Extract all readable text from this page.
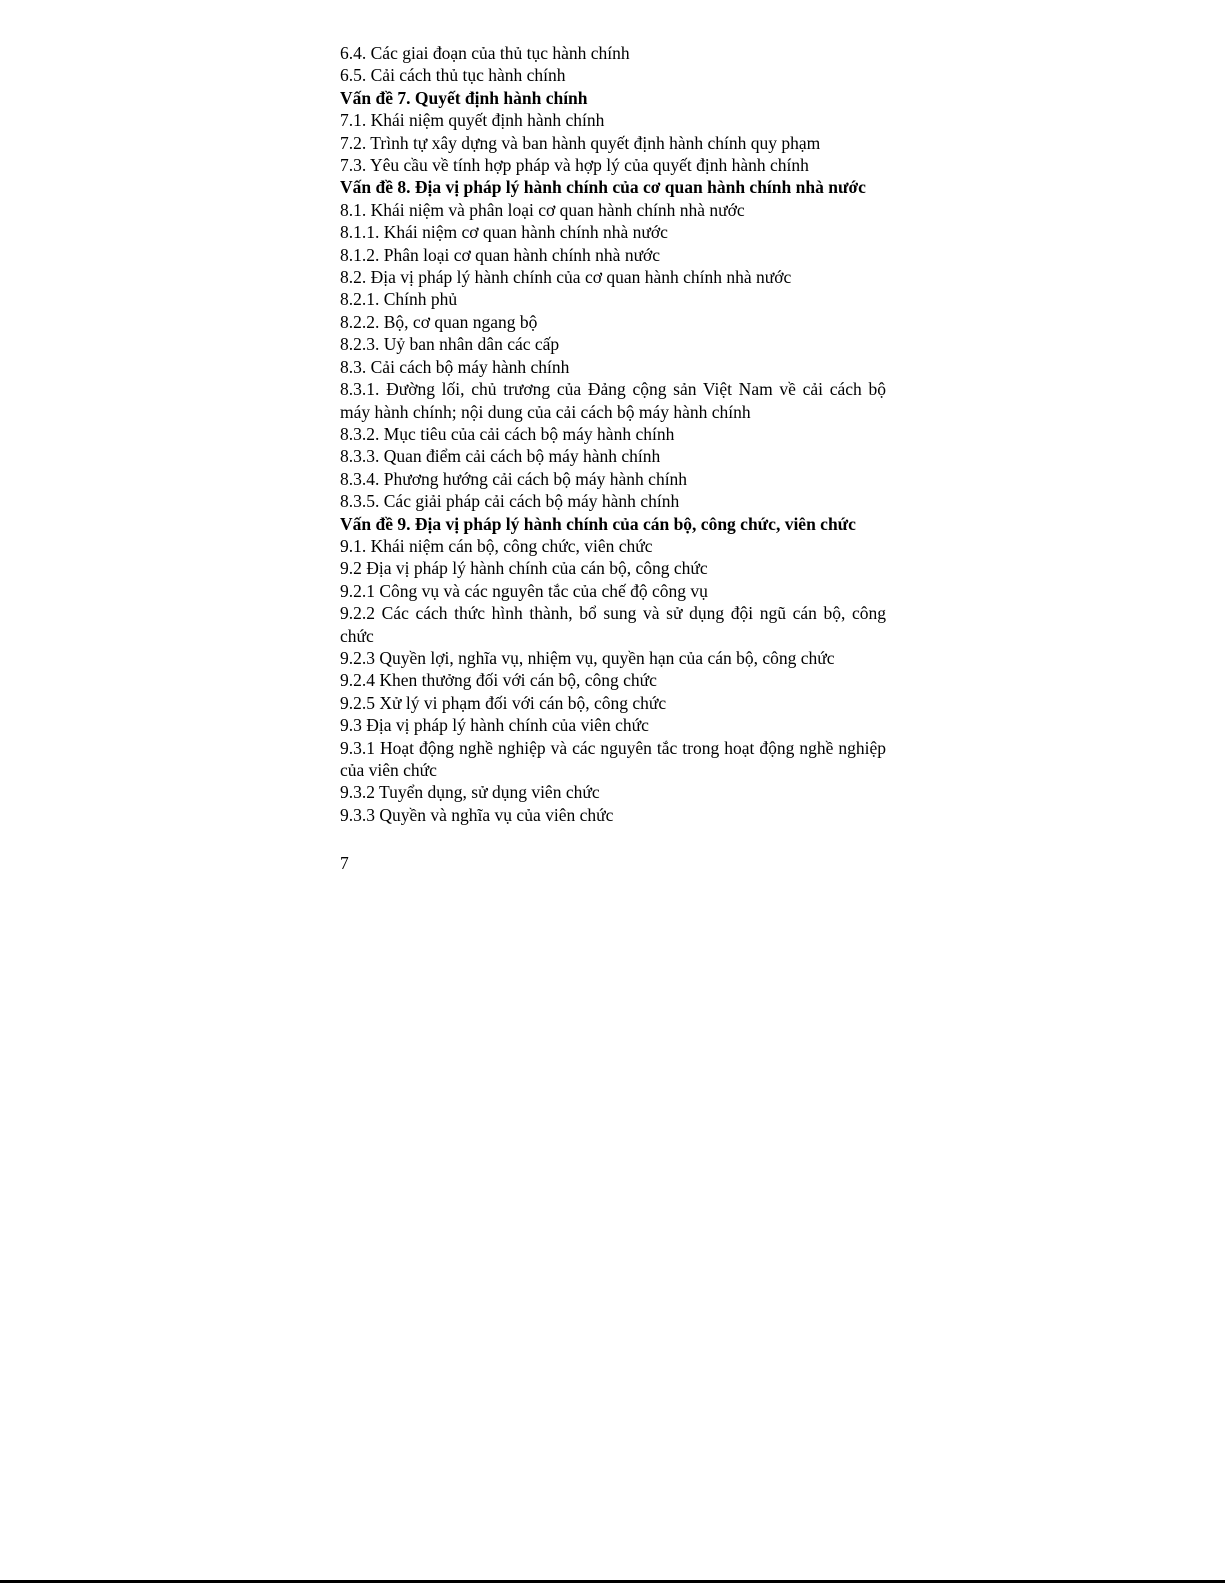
6.4. Các giai đoạn của thủ tục hành chính

6.5. Cải cách thủ tục hành chính

Vấn đề 7. Quyết định hành chính

7.1. Khái niệm quyết định hành chính

7.2. Trình tự xây dựng và ban hành quyết định hành chính quy phạm

7.3. Yêu cầu về tính hợp pháp và hợp lý của quyết định hành chính

Vấn đề 8. Địa vị pháp lý hành chính của cơ quan hành chính nhà nước

8.1. Khái niệm và phân loại cơ quan hành chính nhà nước

8.1.1. Khái niệm cơ quan hành chính nhà nước

8.1.2. Phân loại cơ quan hành chính nhà nước

8.2. Địa vị pháp lý hành chính của cơ quan hành chính nhà nước

8.2.1. Chính phủ

8.2.2. Bộ, cơ quan ngang bộ

8.2.3. Uỷ ban nhân dân các cấp

8.3. Cải cách bộ máy hành chính

8.3.1. Đường lối, chủ trương của Đảng cộng sản Việt Nam về cải cách bộ máy hành chính; nội dung của cải cách bộ máy hành chính

8.3.2. Mục tiêu của cải cách bộ máy hành chính

8.3.3. Quan điểm cải cách bộ máy hành chính

8.3.4. Phương hướng cải cách bộ máy hành chính

8.3.5. Các giải pháp cải cách bộ máy hành chính

Vấn đề 9. Địa vị pháp lý hành chính của cán bộ, công chức, viên chức

9.1. Khái niệm cán bộ, công chức, viên chức

9.2 Địa vị pháp lý hành chính của cán bộ, công chức

9.2.1 Công vụ và các nguyên tắc của chế độ công vụ

9.2.2 Các cách thức hình thành, bổ sung và sử dụng đội ngũ cán bộ, công chức

9.2.3 Quyền lợi, nghĩa vụ, nhiệm vụ, quyền hạn của cán bộ, công chức

9.2.4 Khen thưởng đối với cán bộ, công chức

9.2.5 Xử lý vi phạm đối với cán bộ, công chức

9.3 Địa vị pháp lý hành chính của viên chức

9.3.1 Hoạt động nghề nghiệp và các nguyên tắc trong hoạt động nghề nghiệp của viên chức

9.3.2 Tuyển dụng, sử dụng viên chức

9.3.3 Quyền và nghĩa vụ của viên chức

7
